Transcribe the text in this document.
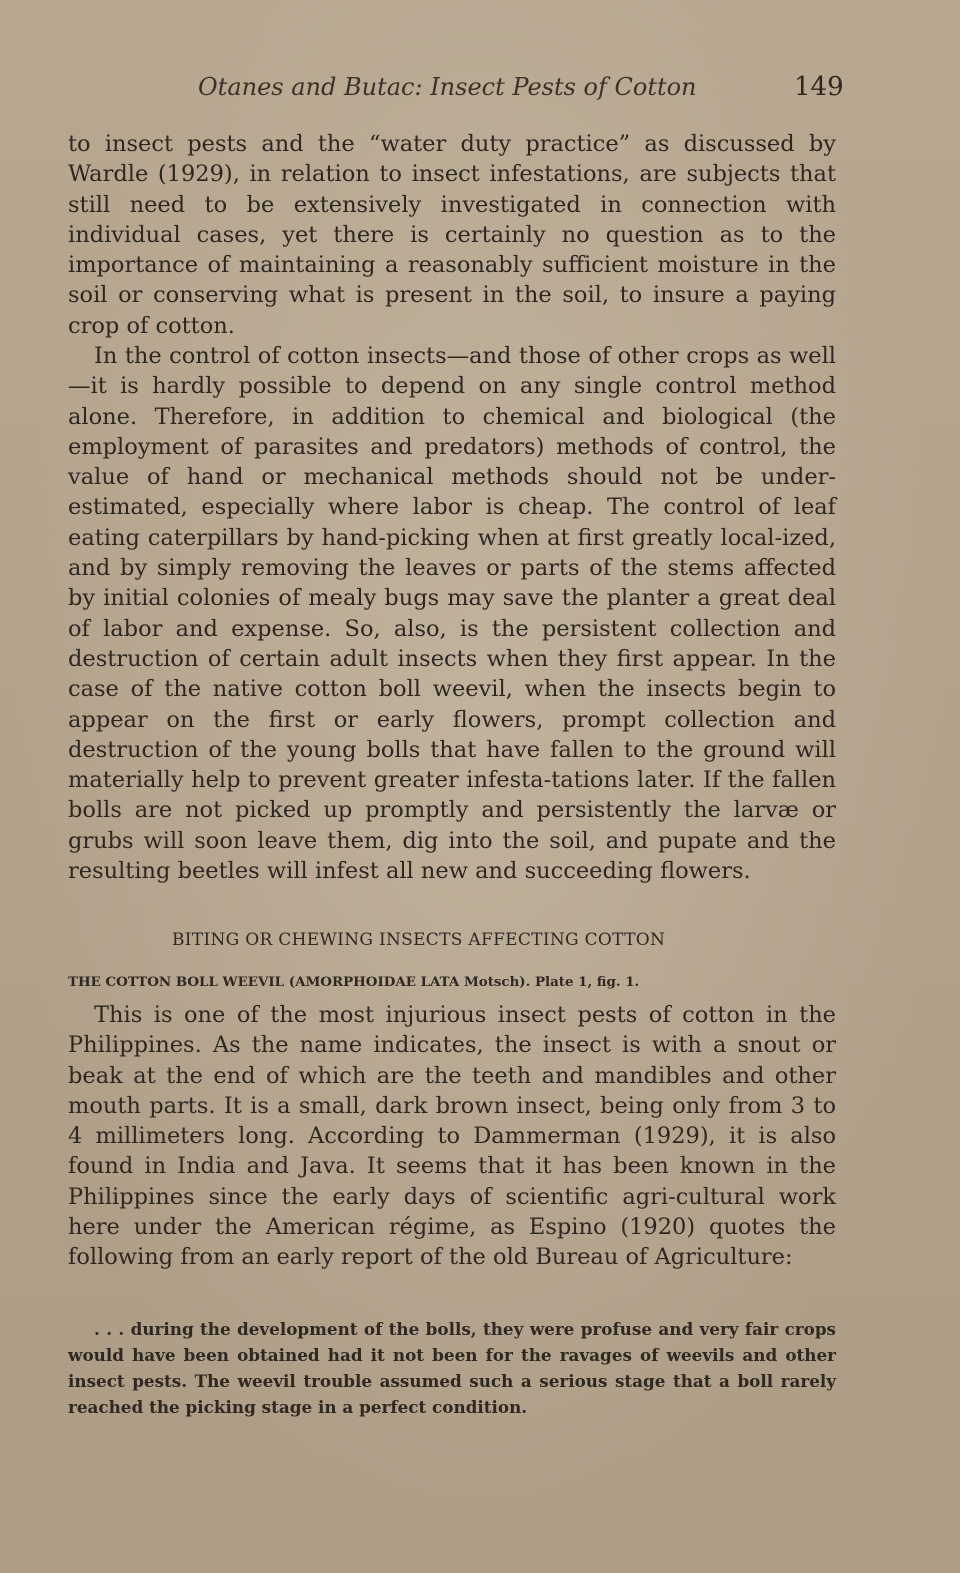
Otanes and Butac: Insect Pests of Cotton	149
to insect pests and the “water duty practice” as discussed by Wardle (1929), in relation to insect infestations, are subjects that still need to be extensively investigated in connection with individual cases, yet there is certainly no question as to the importance of maintaining a reasonably sufficient moisture in the soil or conserving what is present in the soil, to insure a paying crop of cotton.
In the control of cotton insects—and those of other crops as well—it is hardly possible to depend on any single control method alone. Therefore, in addition to chemical and biological (the employment of parasites and predators) methods of control, the value of hand or mechanical methods should not be under-estimated, especially where labor is cheap. The control of leaf eating caterpillars by hand-picking when at first greatly local-ized, and by simply removing the leaves or parts of the stems affected by initial colonies of mealy bugs may save the planter a great deal of labor and expense. So, also, is the persistent collection and destruction of certain adult insects when they first appear. In the case of the native cotton boll weevil, when the insects begin to appear on the first or early flowers, prompt collection and destruction of the young bolls that have fallen to the ground will materially help to prevent greater infesta-tations later. If the fallen bolls are not picked up promptly and persistently the larvæ or grubs will soon leave them, dig into the soil, and pupate and the resulting beetles will infest all new and succeeding flowers.
BITING OR CHEWING INSECTS AFFECTING COTTON
THE COTTON BOLL WEEVIL (AMORPHOIDAE LATA Motsch). Plate 1, fig. 1.
This is one of the most injurious insect pests of cotton in the Philippines. As the name indicates, the insect is with a snout or beak at the end of which are the teeth and mandibles and other mouth parts. It is a small, dark brown insect, being only from 3 to 4 millimeters long. According to Dammerman (1929), it is also found in India and Java. It seems that it has been known in the Philippines since the early days of scientific agri-cultural work here under the American régime, as Espino (1920) quotes the following from an early report of the old Bureau of Agriculture:
. . . during the development of the bolls, they were profuse and very fair crops would have been obtained had it not been for the ravages of weevils and other insect pests. The weevil trouble assumed such a serious stage that a boll rarely reached the picking stage in a perfect condition.
